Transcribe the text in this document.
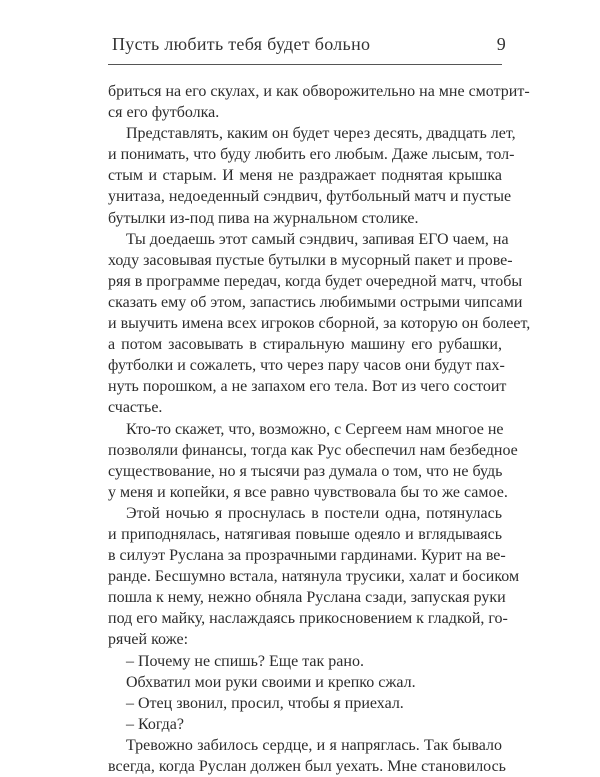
Пусть любить тебя будет больно	9
бриться на его скулах, и как обворожительно на мне смотрит-
ся его футболка.
Представлять, каким он будет через десять, двадцать лет,
и понимать, что буду любить его любым. Даже лысым, тол-
стым и старым. И меня не раздражает поднятая крышка
унитаза, недоеденный сэндвич, футбольный матч и пустые
бутылки из-под пива на журнальном столике.
Ты доедаешь этот самый сэндвич, запивая ЕГО чаем, на
ходу засовывая пустые бутылки в мусорный пакет и прове-
ряя в программе передач, когда будет очередной матч, чтобы
сказать ему об этом, запастись любимыми острыми чипсами
и выучить имена всех игроков сборной, за которую он болеет,
а потом засовывать в стиральную машину его рубашки,
футболки и сожалеть, что через пару часов они будут пах-
нуть порошком, а не запахом его тела. Вот из чего состоит
счастье.
Кто-то скажет, что, возможно, с Сергеем нам многое не
позволяли финансы, тогда как Рус обеспечил нам безбедное
существование, но я тысячи раз думала о том, что не будь
у меня и копейки, я все равно чувствовала бы то же самое.
Этой ночью я проснулась в постели одна, потянулась
и приподнялась, натягивая повыше одеяло и вглядываясь
в силуэт Руслана за прозрачными гардинами. Курит на ве-
ранде. Бесшумно встала, натянула трусики, халат и босиком
пошла к нему, нежно обняла Руслана сзади, запуская руки
под его майку, наслаждаясь прикосновением к гладкой, го-
рячей коже:
– Почему не спишь? Еще так рано.
Обхватил мои руки своими и крепко сжал.
– Отец звонил, просил, чтобы я приехал.
– Когда?
Тревожно забилось сердце, и я напряглась. Так бывало
всегда, когда Руслан должен был уехать. Мне становилось
